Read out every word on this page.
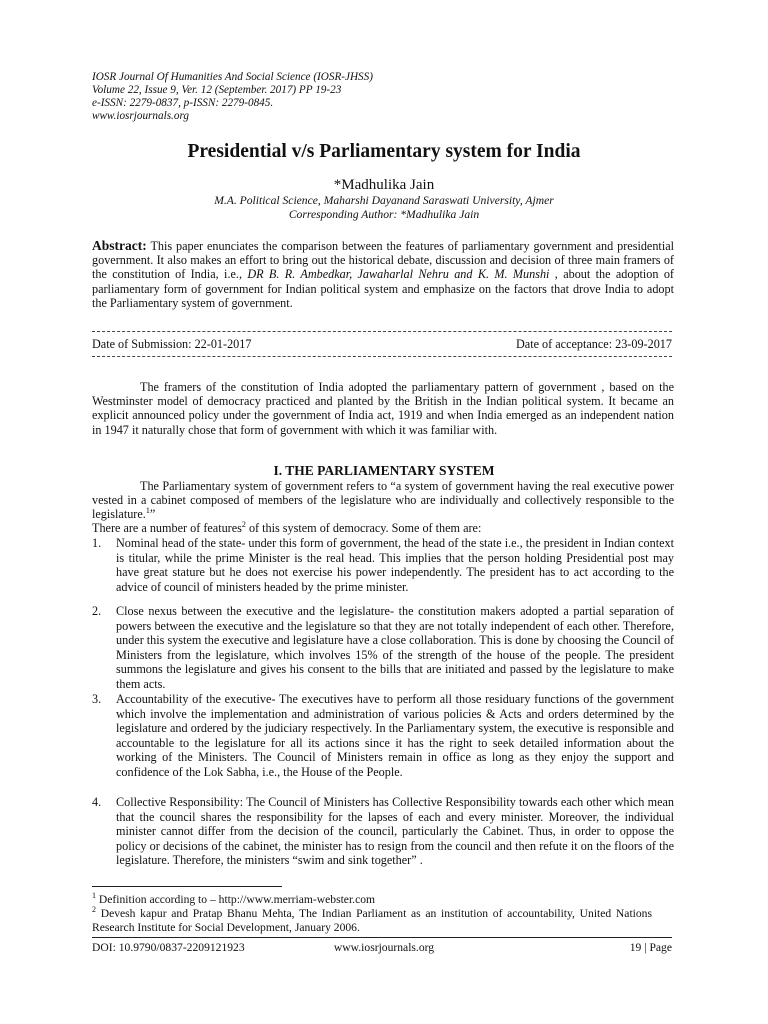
IOSR Journal Of Humanities And Social Science (IOSR-JHSS)
Volume 22, Issue 9, Ver. 12 (September. 2017) PP 19-23
e-ISSN: 2279-0837, p-ISSN: 2279-0845.
www.iosrjournals.org
Presidential v/s Parliamentary system for India
*Madhulika Jain
M.A. Political Science, Maharshi Dayanand Saraswati University, Ajmer
Corresponding Author: *Madhulika Jain
Abstract: This paper enunciates the comparison between the features of parliamentary government and presidential government. It also makes an effort to bring out the historical debate, discussion and decision of three main framers of the constitution of India, i.e., DR B. R. Ambedkar, Jawaharlal Nehru and K. M. Munshi , about the adoption of parliamentary form of government for Indian political system and emphasize on the factors that drove India to adopt the Parliamentary system of government.
Date of Submission: 22-01-2017	Date of acceptance: 23-09-2017
The framers of the constitution of India adopted the parliamentary pattern of government , based on the Westminster model of democracy practiced and planted by the British in the Indian political system. It became an explicit announced policy under the government of India act, 1919 and when India emerged as an independent nation in 1947 it naturally chose that form of government with which it was familiar with.
I. THE PARLIAMENTARY SYSTEM
The Parliamentary system of government refers to “a system of government having the real executive power vested in a cabinet composed of members of the legislature who are individually and collectively responsible to the legislature.$^1$”
There are a number of features$^2$ of this system of democracy. Some of them are:
1. Nominal head of the state- under this form of government, the head of the state i.e., the president in Indian context is titular, while the prime Minister is the real head. This implies that the person holding Presidential post may have great stature but he does not exercise his power independently. The president has to act according to the advice of council of ministers headed by the prime minister.
2. Close nexus between the executive and the legislature- the constitution makers adopted a partial separation of powers between the executive and the legislature so that they are not totally independent of each other. Therefore, under this system the executive and legislature have a close collaboration. This is done by choosing the Council of Ministers from the legislature, which involves 15% of the strength of the house of the people. The president summons the legislature and gives his consent to the bills that are initiated and passed by the legislature to make them acts.
3. Accountability of the executive- The executives have to perform all those residuary functions of the government which involve the implementation and administration of various policies & Acts and orders determined by the legislature and ordered by the judiciary respectively. In the Parliamentary system, the executive is responsible and accountable to the legislature for all its actions since it has the right to seek detailed information about the working of the Ministers. The Council of Ministers remain in office as long as they enjoy the support and confidence of the Lok Sabha, i.e., the House of the People.
4. Collective Responsibility: The Council of Ministers has Collective Responsibility towards each other which mean that the council shares the responsibility for the lapses of each and every minister. Moreover, the individual minister cannot differ from the decision of the council, particularly the Cabinet. Thus, in order to oppose the policy or decisions of the cabinet, the minister has to resign from the council and then refute it on the floors of the legislature. Therefore, the ministers “swim and sink together” .
$^1$ Definition according to – http://www.merriam-webster.com
$^2$ Devesh kapur and Pratap Bhanu Mehta, The Indian Parliament as an institution of accountability, United Nations Research Institute for Social Development, January 2006.
DOI: 10.9790/0837-2209121923	www.iosrjournals.org	19 | Page
